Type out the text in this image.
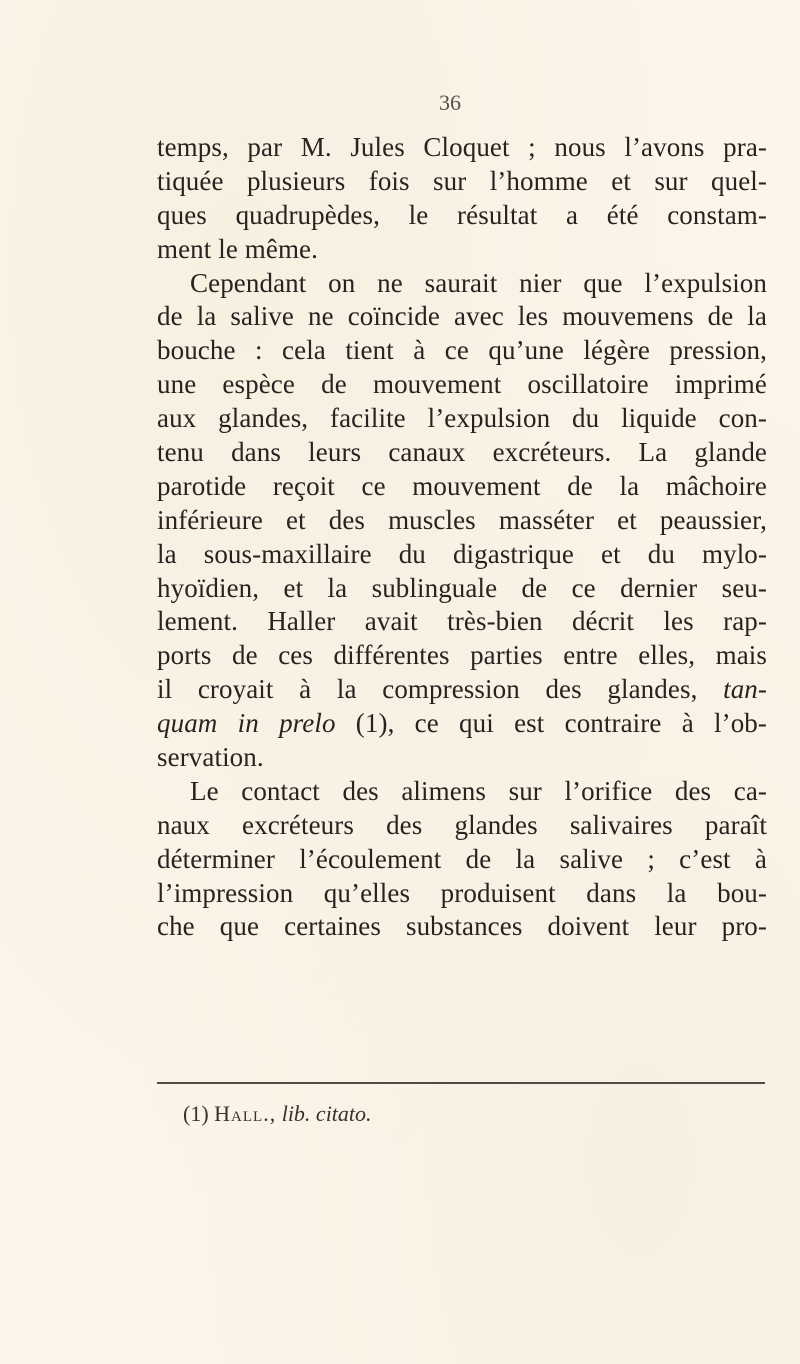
36
temps, par M. Jules Cloquet ; nous l’avons pra-
tiquée plusieurs fois sur l’homme et sur quel-
ques quadrupèdes, le résultat a été constam-
ment le même.
Cependant on ne saurait nier que l’expulsion
de la salive ne coïncide avec les mouvemens de la
bouche : cela tient à ce qu’une légère pression,
une espèce de mouvement oscillatoire imprimé
aux glandes, facilite l’expulsion du liquide con-
tenu dans leurs canaux excréteurs. La glande
parotide reçoit ce mouvement de la mâchoire
inférieure et des muscles masséter et peaussier,
la sous-maxillaire du digastrique et du mylo-
hyoïdien, et la sublinguale de ce dernier seu-
lement. Haller avait très-bien décrit les rap-
ports de ces différentes parties entre elles, mais
il croyait à la compression des glandes, tan-
quam in prelo (1), ce qui est contraire à l’ob-
servation.
Le contact des alimens sur l’orifice des ca-
naux excréteurs des glandes salivaires paraît
déterminer l’écoulement de la salive ; c’est à
l’impression qu’elles produisent dans la bou-
che que certaines substances doivent leur pro-
(1) Hall., lib. citato.
